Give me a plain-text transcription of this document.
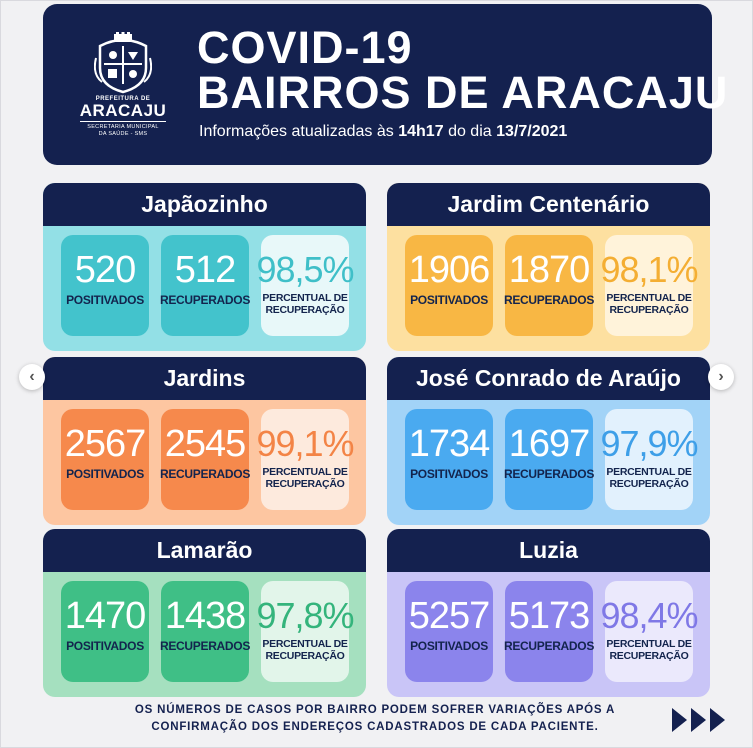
PREFEITURA DE
ARACAJU
SECRETARIA MUNICIPAL
DA SAÚDE - SMS
COVID-19
BAIRROS DE ARACAJU
Informações atualizadas às 14h17 do dia 13/7/2021
Japãozinho
520
POSITIVADOS
512
RECUPERADOS
98,5%
PERCENTUAL DE
RECUPERAÇÃO
Jardim Centenário
1906
POSITIVADOS
1870
RECUPERADOS
98,1%
PERCENTUAL DE
RECUPERAÇÃO
Jardins
2567
POSITIVADOS
2545
RECUPERADOS
99,1%
PERCENTUAL DE
RECUPERAÇÃO
José Conrado de Araújo
1734
POSITIVADOS
1697
RECUPERADOS
97,9%
PERCENTUAL DE
RECUPERAÇÃO
Lamarão
1470
POSITIVADOS
1438
RECUPERADOS
97,8%
PERCENTUAL DE
RECUPERAÇÃO
Luzia
5257
POSITIVADOS
5173
RECUPERADOS
98,4%
PERCENTUAL DE
RECUPERAÇÃO
‹	›
OS NÚMEROS DE CASOS POR BAIRRO PODEM SOFRER VARIAÇÕES APÓS A
CONFIRMAÇÃO DOS ENDEREÇOS CADASTRADOS DE CADA PACIENTE.
